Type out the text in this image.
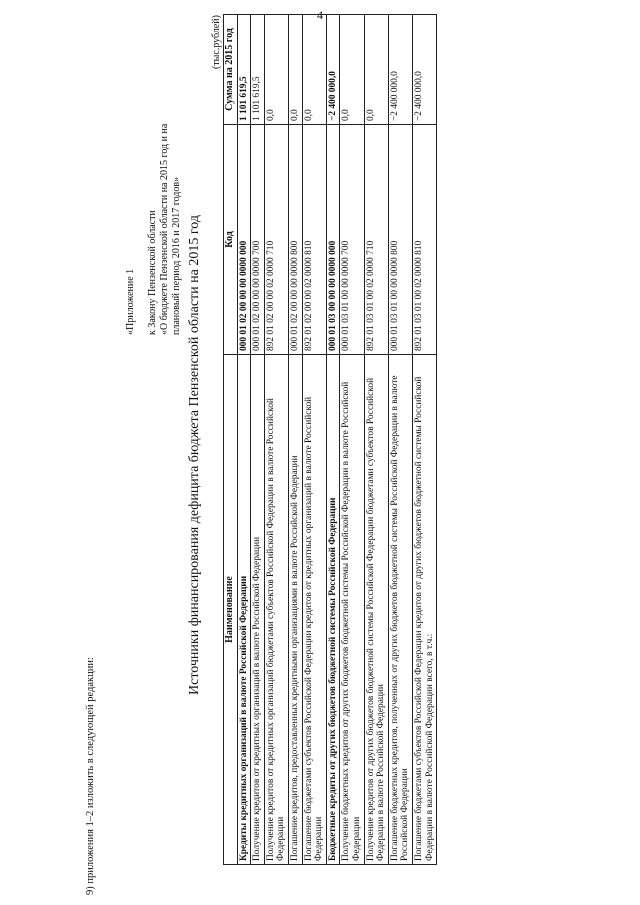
4
9) приложения 1–2 изложить в следующей редакции:
«Приложение 1 к Закону Пензенской области «О бюджете Пензенской области на 2015 год и на плановый период 2016 и 2017 годов» Источники финансирования дефицита бюджета Пензенской области на 2015 год
(тыс.рублей)
Наименование	Код	Сумма на 2015 год
Кредиты кредитных организаций в валюте Российской Федерации	000 01 02 00 00 00 0000 000	1 101 619,5
Получение кредитов от кредитных организаций в валюте Российской Федерации	000 01 02 00 00 00 0000 700	1 101 619,5
Получение кредитов от кредитных организаций бюджетами субъектов Российской Федерации в валюте Российской Федерации	892 01 02 00 00 02 0000 710	0,0
Погашение кредитов, предоставленных кредитными организациями в валюте Российской Федерации	000 01 02 00 00 00 0000 800	0,0
Погашение бюджетами субъектов Российской Федерации кредитов от кредитных организаций в валюте Российской Федерации	892 01 02 00 00 02 0000 810	0,0
Бюджетные кредиты от других бюджетов бюджетной системы Российской Федерации	000 01 03 00 00 00 0000 000	−2 400 000,0
Получение бюджетных кредитов от других бюджетов бюджетной системы Российской Федерации в валюте Российской Федерации	000 01 03 01 00 00 0000 700	0,0
Получение кредитов от других бюджетов бюджетной системы Российской Федерации бюджетами субъектов Российской Федерации в валюте Российской Федерации	892 01 03 01 00 02 0000 710	0,0
Погашение бюджетных кредитов, полученных от других бюджетов бюджетной системы Российской Федерации в валюте Российской Федерации	000 01 03 01 00 00 0000 800	−2 400 000,0
Погашение бюджетами субъектов Российской Федерации кредитов от других бюджетов бюджетной системы Российской Федерации в валюте Российской Федерации всего, в т.ч.:	892 01 03 01 00 02 0000 810	−2 400 000,0
